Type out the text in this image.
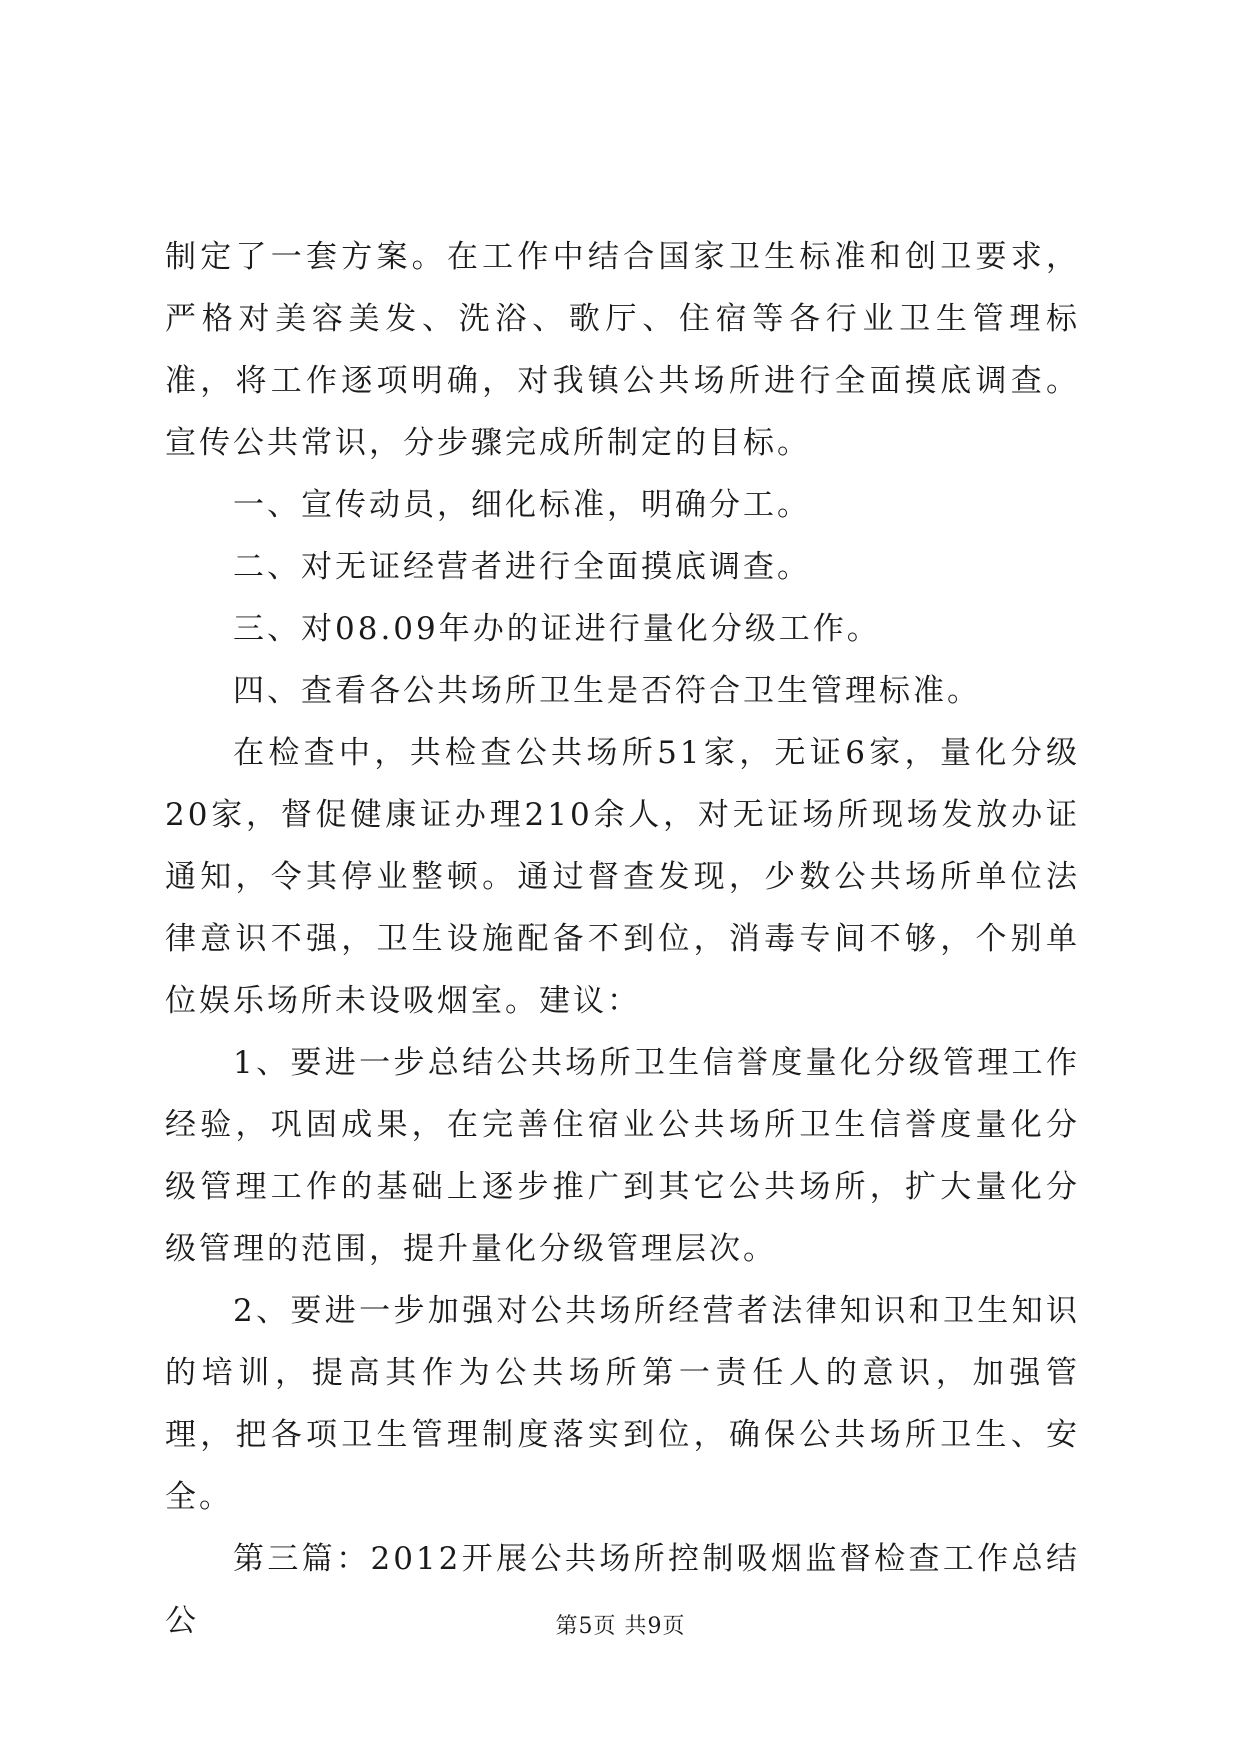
制定了一套方案。在工作中结合国家卫生标准和创卫要求，严格对美容美发、洗浴、歌厅、住宿等各行业卫生管理标准，将工作逐项明确，对我镇公共场所进行全面摸底调查。宣传公共常识，分步骤完成所制定的目标。

一、宣传动员，细化标准，明确分工。

二、对无证经营者进行全面摸底调查。

三、对08.09年办的证进行量化分级工作。

四、查看各公共场所卫生是否符合卫生管理标准。

在检查中，共检查公共场所51家，无证6家，量化分级20家，督促健康证办理210余人，对无证场所现场发放办证通知，令其停业整顿。通过督查发现，少数公共场所单位法律意识不强，卫生设施配备不到位，消毒专间不够，个别单位娱乐场所未设吸烟室。建议：

1、要进一步总结公共场所卫生信誉度量化分级管理工作经验，巩固成果，在完善住宿业公共场所卫生信誉度量化分级管理工作的基础上逐步推广到其它公共场所，扩大量化分级管理的范围，提升量化分级管理层次。

2、要进一步加强对公共场所经营者法律知识和卫生知识的培训，提高其作为公共场所第一责任人的意识，加强管理，把各项卫生管理制度落实到位，确保公共场所卫生、安全。

第三篇：2012开展公共场所控制吸烟监督检查工作总结公	第5页 共9页
